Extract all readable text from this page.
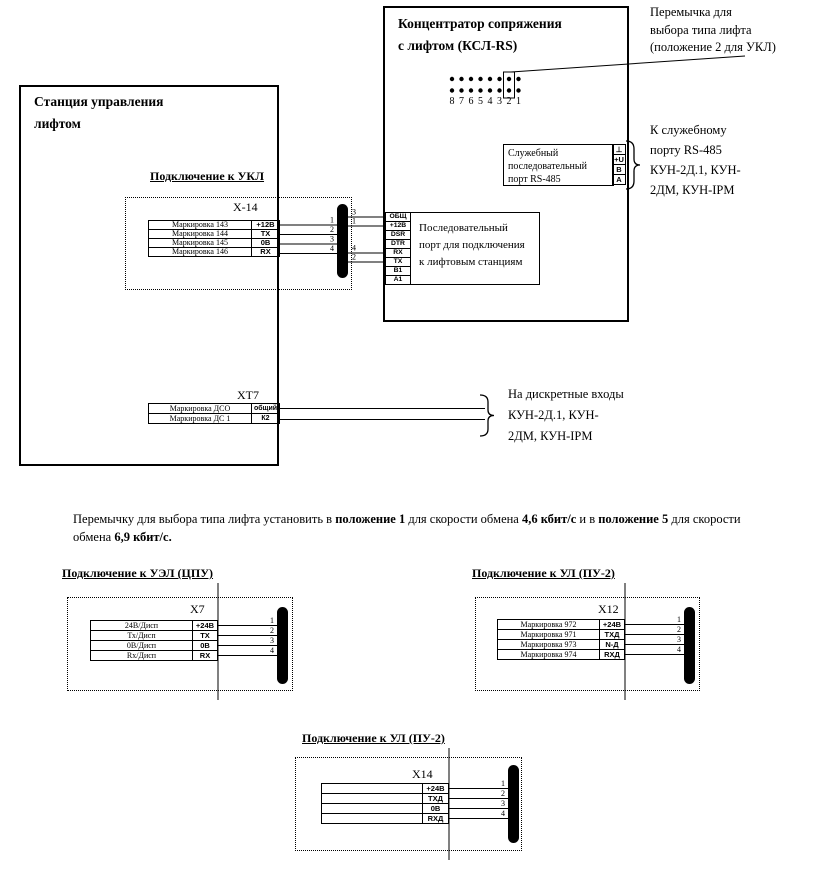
8 7 6 5 4 3 2 1
1
2
3
4
3
1
4
2
1
2
3
4
1
2
3
4
1
2
3
4
Станция управления
лифтом
Концентратор сопряжения
с лифтом (КСЛ-RS)
Перемычка для
выбора типа лифта
(положение 2 для УКЛ)
Служебный
последовательный
порт RS-485
⊥
+U
B
A
К служебному
порту RS-485
КУН-2Д.1, КУН-
2ДМ, КУН-IPM
ОБЩ
+12В
DSR
DTR
RX
TX
B1
A1
Последовательный
порт для подключения
к лифтовым станциям
Подключение к УКЛ
Х-14
Маркировка 143	+12В
Маркировка 144	TX
Маркировка 145	0В
Маркировка 146	RX
ХТ7
Маркировка ДСО	общий
Маркировка ДС 1	К2
На дискретные входы
КУН-2Д.1, КУН-
2ДМ, КУН-IPM
Перемычку для выбора типа лифта установить в положение 1 для скорости обмена 4,6 кбит/с и в положение 5 для скорости обмена 6,9 кбит/с.
Подключение к УЭЛ (ЦПУ)
Х7
24В/Дисп	+24В
Тх/Дисп	TX
0В/Дисп	0В
Rх/Дисп	RX
Подключение к УЛ (ПУ-2)
Х12
Маркировка 972	+24В
Маркировка 971	ТХД
Маркировка 973	N-Д
Маркировка 974	RХД
Подключение к УЛ (ПУ-2)
Х14
+24В
ТХД
0В
RХД
